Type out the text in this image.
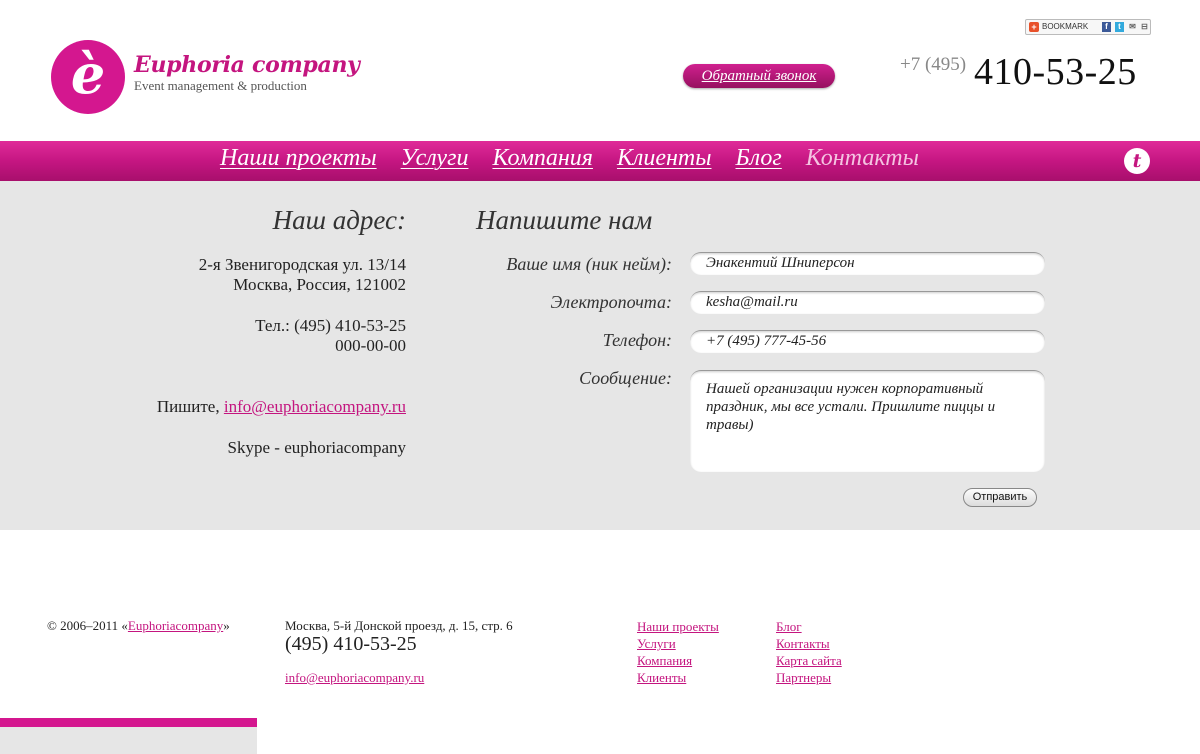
è	Euphoria company
Event management & production
+ BOOKMARK	f	t	✉ ⊟
Обратный звонок
+7 (495) 410-53-25
Наши проекты Услуги Компания Клиенты Блог Контакты	t
Наш адрес:
2-я Звенигородская ул. 13/14
Москва, Россия, 121002
Тел.: (495) 410-53-25
000-00-00
Пишите, info@euphoriacompany.ru
Skype - euphoriacompany
Напишите нам
Ваше имя (ник нейм):	Энакентий Шниперсон
Электропочта:	kesha@mail.ru
Телефон:	+7 (495) 777-45-56
Сообщение:
Нашей организации нужен корпоративный праздник, мы все устали. Пришлите пиццы и травы)
Отправить
© 2006–2011 «Euphoriacompany»	Москва, 5-й Донской проезд, д. 15, стр. 6
(495) 410-53-25
info@euphoriacompany.ru
Наши проекты
Услуги
Компания
Клиенты
Блог
Контакты
Карта сайта
Партнеры
